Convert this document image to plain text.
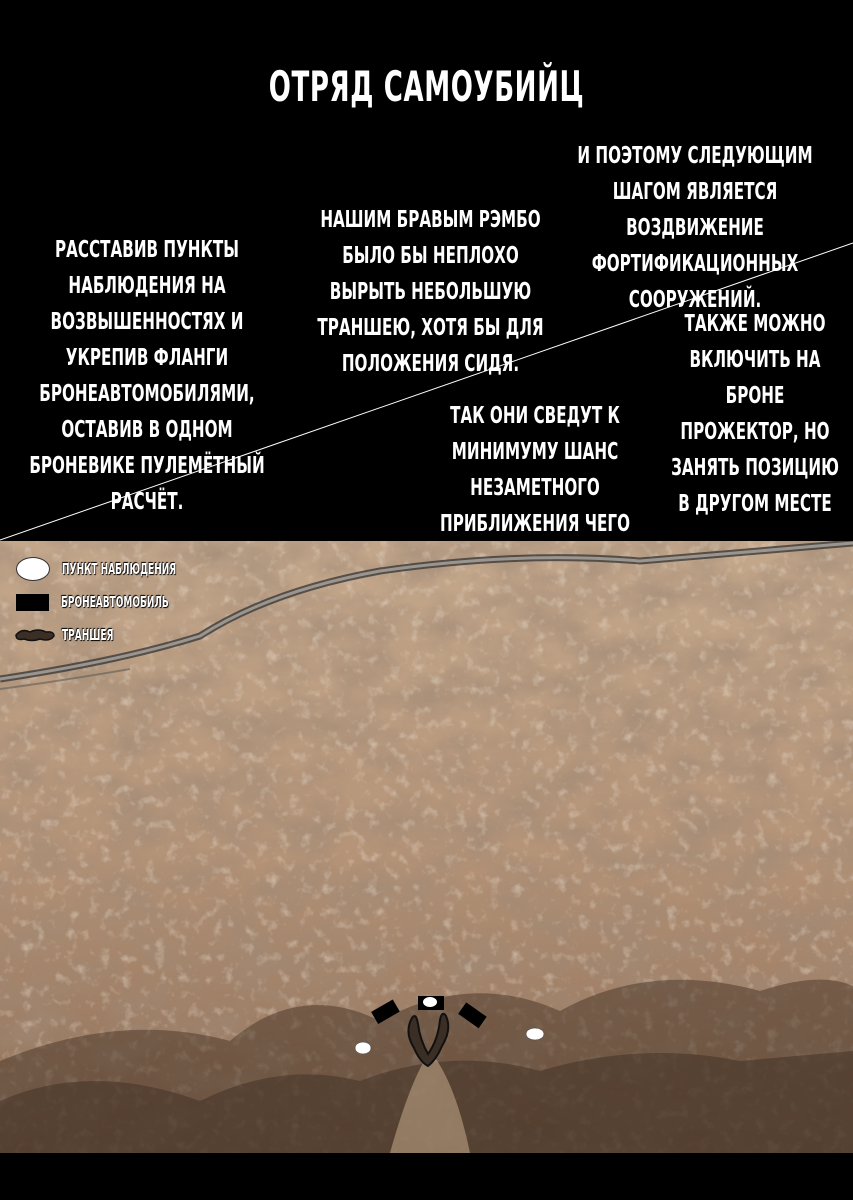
ОТРЯД САМОУБИЙЦ
РАССТАВИВ ПУНКТЫ НАБЛЮДЕНИЯ НА ВОЗВЫШЕННОСТЯХ И УКРЕПИВ ФЛАНГИ БРОНЕАВТОМОБИЛЯМИ, ОСТАВИВ В ОДНОМ БРОНЕВИКЕ ПУЛЕМЁТНЫЙ РАСЧЁТ.
НАШИМ БРАВЫМ РЭМБО БЫЛО БЫ НЕПЛОХО ВЫРЫТЬ НЕБОЛЬШУЮ ТРАНШЕЮ, ХОТЯ БЫ ДЛЯ ПОЛОЖЕНИЯ СИДЯ.
И ПОЭТОМУ СЛЕДУЮЩИМ ШАГОМ ЯВЛЯЕТСЯ ВОЗДВИЖЕНИЕ ФОРТИФИКАЦИОННЫХ СООРУЖЕНИЙ.
ТАКЖЕ МОЖНО ВКЛЮЧИТЬ НА БРОНЕ ПРОЖЕКТОР, НО ЗАНЯТЬ ПОЗИЦИЮ В ДРУГОМ МЕСТЕ
ТАК ОНИ СВЕДУТ К МИНИМУМУ ШАНС НЕЗАМЕТНОГО ПРИБЛИЖЕНИЯ ЧЕГО
ПУНКТ НАБЛЮДЕНИЯ
БРОНЕАВТОМОБИЛЬ
ТРАНШЕЯ
